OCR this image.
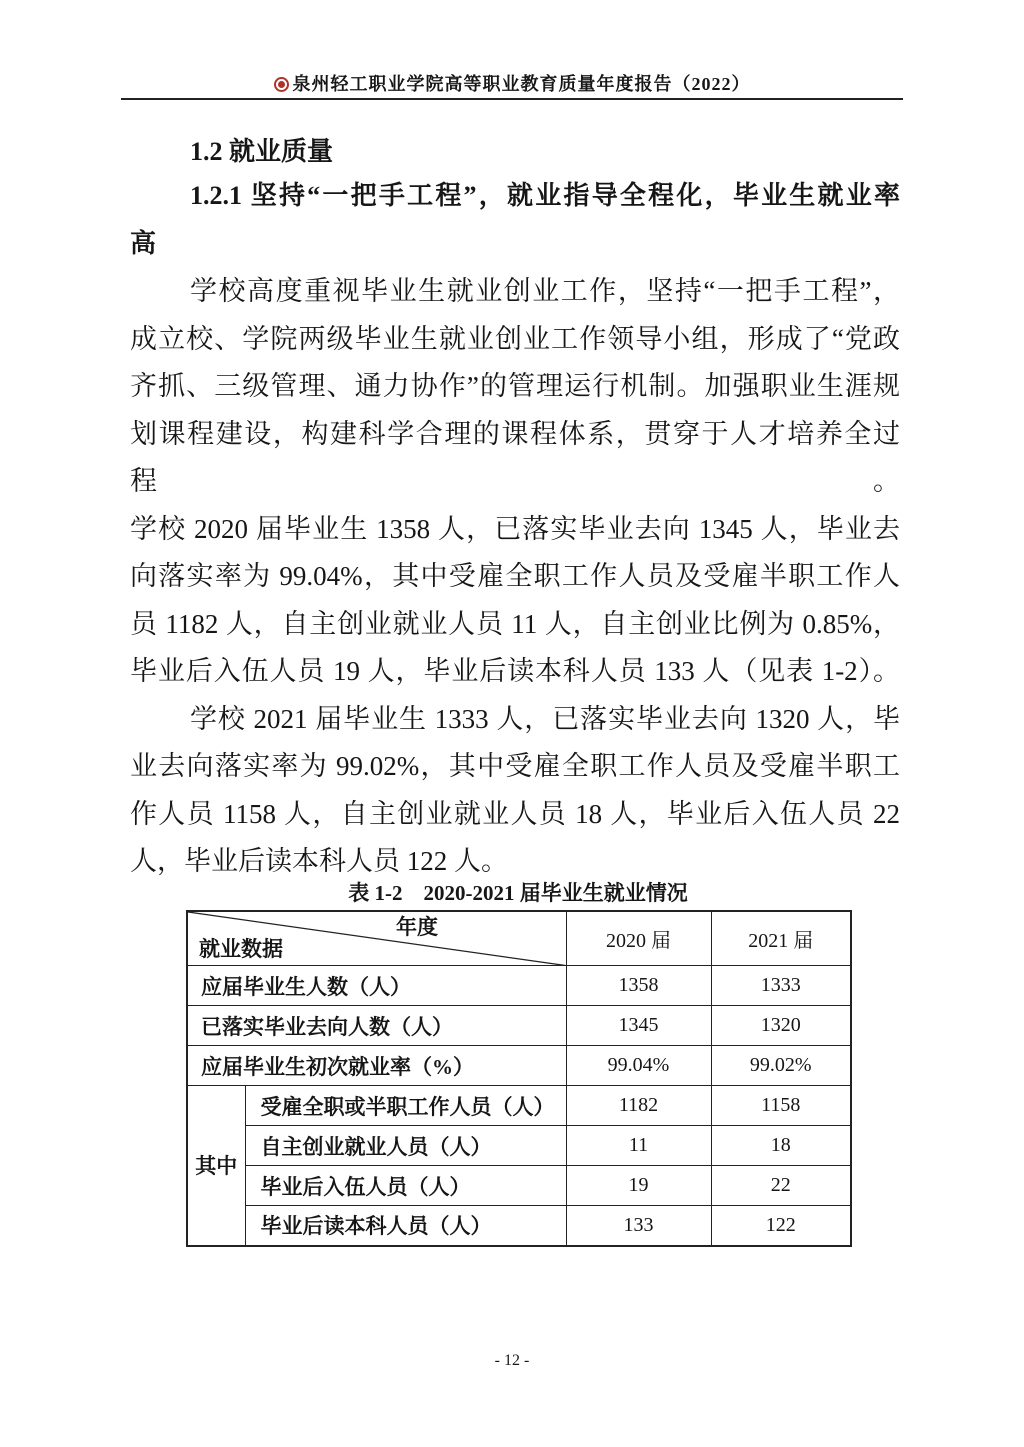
泉州轻工职业学院高等职业教育质量年度报告（2022）
1.2 就业质量
1.2.1 坚持“一把手工程”，就业指导全程化，毕业生就业率
高
学校高度重视毕业生就业创业工作，坚持“一把手工程”，
成立校、学院两级毕业生就业创业工作领导小组，形成了“党政
齐抓、三级管理、通力协作”的管理运行机制。加强职业生涯规
划课程建设，构建科学合理的课程体系，贯穿于人才培养全过程。
学校 2020 届毕业生 1358 人，已落实毕业去向 1345 人，毕业去
向落实率为 99.04%，其中受雇全职工作人员及受雇半职工作人
员 1182 人，自主创业就业人员 11 人，自主创业比例为 0.85%，
毕业后入伍人员 19 人，毕业后读本科人员 133 人（见表 1-2）。
学校 2021 届毕业生 1333 人，已落实毕业去向 1320 人，毕
业去向落实率为 99.02%，其中受雇全职工作人员及受雇半职工
作人员 1158 人，自主创业就业人员 18 人，毕业后入伍人员 22
人，毕业后读本科人员 122 人。
表 1-2　2020-2021 届毕业生就业情况
年度
就业数据		2020 届	2021 届
应届毕业生人数（人）		1358	1333
已落实毕业去向人数（人）		1345	1320
应届毕业生初次就业率（%）		99.04%	99.02%
其中	受雇全职或半职工作人员（人）	1182	1158
	自主创业就业人员（人）	11	18
	毕业后入伍人员（人）	19	22
	毕业后读本科人员（人）	133	122
- 12 -
